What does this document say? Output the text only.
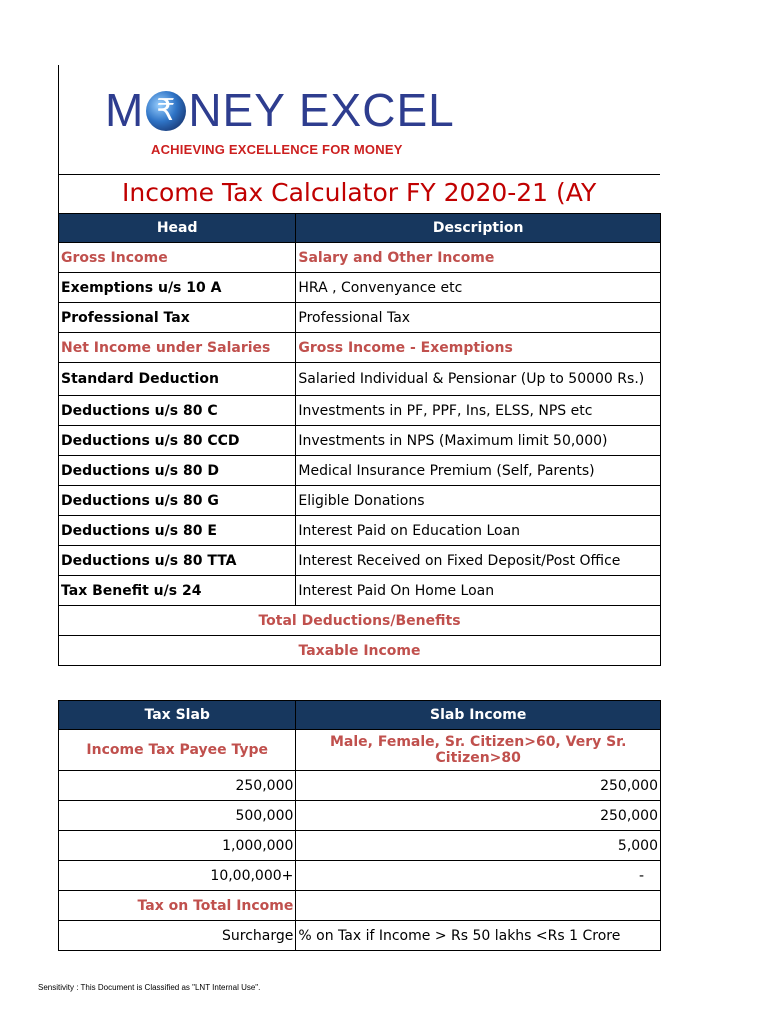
M ₹ NEY EXCEL
ACHIEVING EXCELLENCE FOR MONEY
Income Tax Calculator FY 2020-21 (AY
Head	Description
Gross Income	Salary and Other Income
Exemptions u/s 10 A	HRA , Convenyance etc
Professional Tax	Professional Tax
Net Income under Salaries	Gross Income - Exemptions
Standard Deduction	Salaried Individual & Pensionar (Up to 50000 Rs.)
Deductions u/s 80 C	Investments in PF, PPF, Ins, ELSS, NPS etc
Deductions u/s 80 CCD	Investments in NPS (Maximum limit 50,000)
Deductions u/s 80 D	Medical Insurance Premium (Self, Parents)
Deductions u/s 80 G	Eligible Donations
Deductions u/s 80 E	Interest Paid on Education Loan
Deductions u/s 80 TTA	Interest Received on Fixed Deposit/Post Office
Tax Benefit u/s 24	Interest Paid On Home Loan
Total Deductions/Benefits	
Taxable Income	
Tax Slab	Slab Income
Income Tax Payee Type	Male, Female, Sr. Citizen>60, Very Sr. Citizen>80
250,000	250,000
500,000	250,000
1,000,000	5,000
10,00,000+	-
Tax on Total Income	
Surcharge	% on Tax if Income > Rs 50 lakhs <Rs 1 Crore
Sensitivity : This Document is Classified as "LNT Internal Use".
